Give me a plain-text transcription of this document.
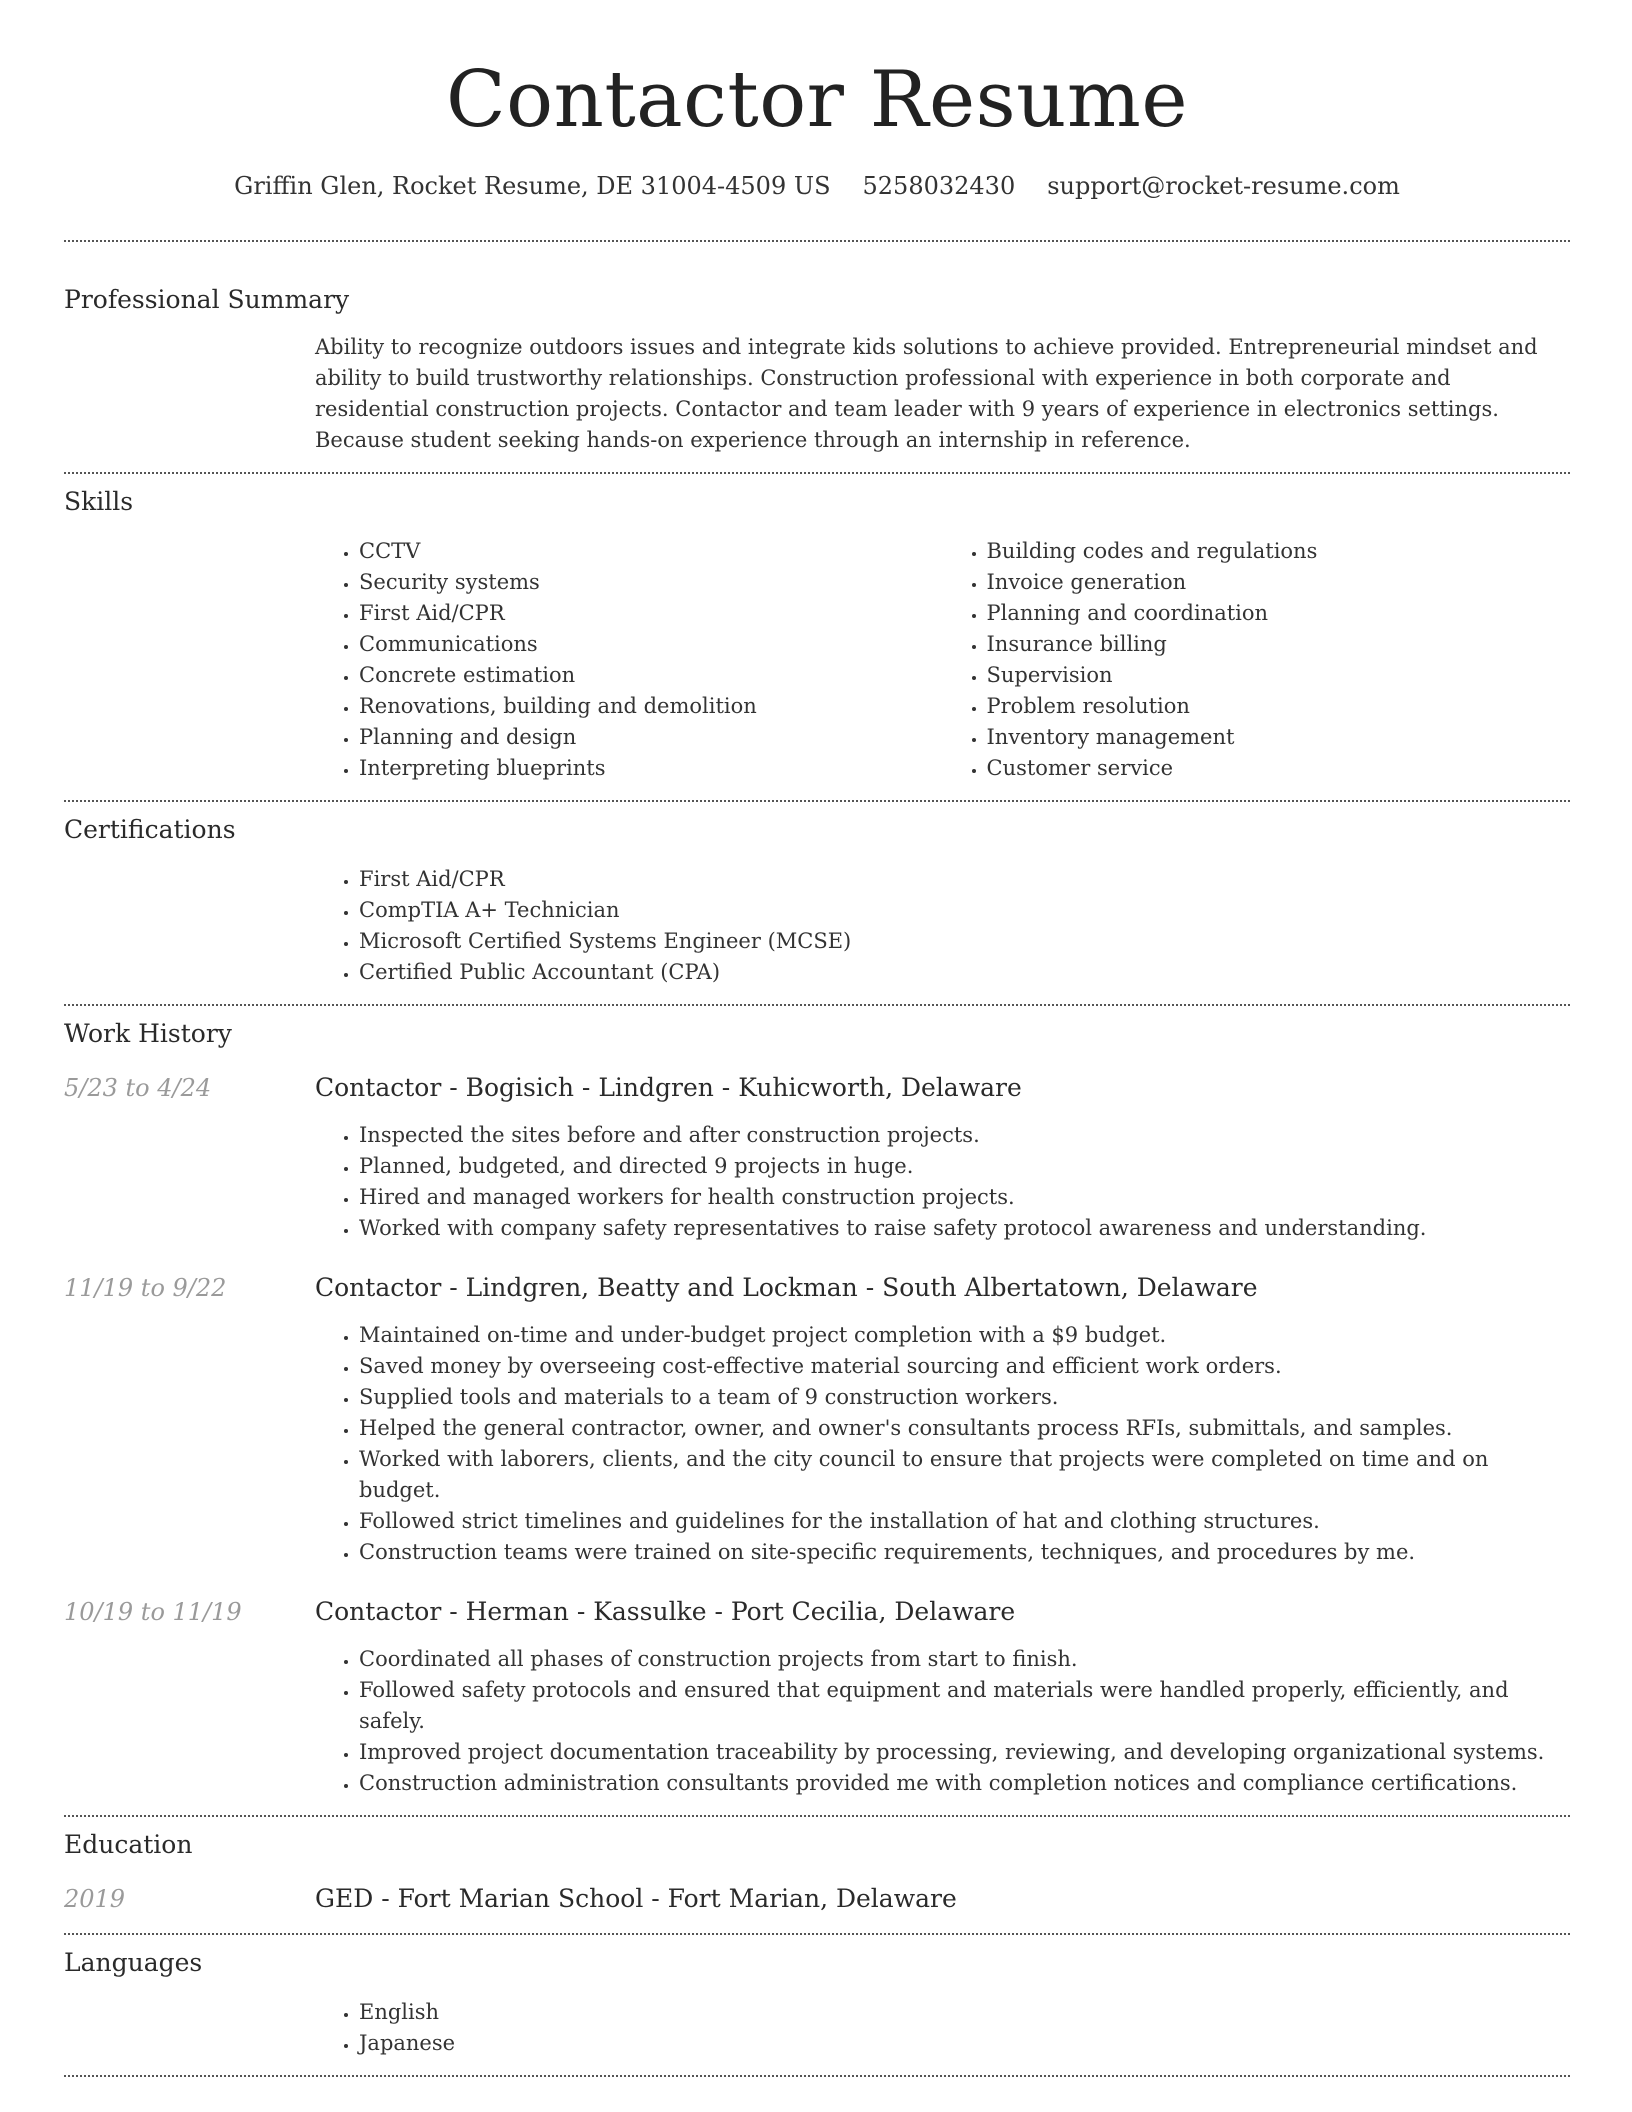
Contactor Resume
Griffin Glen, Rocket Resume, DE 31004-4509 US 5258032430 support@rocket-resume.com
Professional Summary

Ability to recognize outdoors issues and integrate kids solutions to achieve provided. Entrepreneurial mindset and ability to build trustworthy relationships. Construction professional with experience in both corporate and residential construction projects. Contactor and team leader with 9 years of experience in electronics settings. Because student seeking hands-on experience through an internship in reference.

Skills
• CCTV
• Security systems
• First Aid/CPR
• Communications
• Concrete estimation
• Renovations, building and demolition
• Planning and design
• Interpreting blueprints
• Building codes and regulations
• Invoice generation
• Planning and coordination
• Insurance billing
• Supervision
• Problem resolution
• Inventory management
• Customer service
Certifications
• First Aid/CPR
• CompTIA A+ Technician
• Microsoft Certified Systems Engineer (MCSE)
• Certified Public Accountant (CPA)
Work History
5/23 to 4/24	Contactor - Bogisich - Lindgren - Kuhicworth, Delaware
• Inspected the sites before and after construction projects.
• Planned, budgeted, and directed 9 projects in huge.
• Hired and managed workers for health construction projects.
• Worked with company safety representatives to raise safety protocol awareness and understanding.
11/19 to 9/22	Contactor - Lindgren, Beatty and Lockman - South Albertatown, Delaware
• Maintained on-time and under-budget project completion with a $9 budget.
• Saved money by overseeing cost-effective material sourcing and efficient work orders.
• Supplied tools and materials to a team of 9 construction workers.
• Helped the general contractor, owner, and owner's consultants process RFIs, submittals, and samples.
• Worked with laborers, clients, and the city council to ensure that projects were completed on time and on budget.
• Followed strict timelines and guidelines for the installation of hat and clothing structures.
• Construction teams were trained on site-specific requirements, techniques, and procedures by me.
10/19 to 11/19	Contactor - Herman - Kassulke - Port Cecilia, Delaware
• Coordinated all phases of construction projects from start to finish.
• Followed safety protocols and ensured that equipment and materials were handled properly, efficiently, and safely.
• Improved project documentation traceability by processing, reviewing, and developing organizational systems.
• Construction administration consultants provided me with completion notices and compliance certifications.
Education
2019	GED - Fort Marian School - Fort Marian, Delaware
Languages
• English
• Japanese
